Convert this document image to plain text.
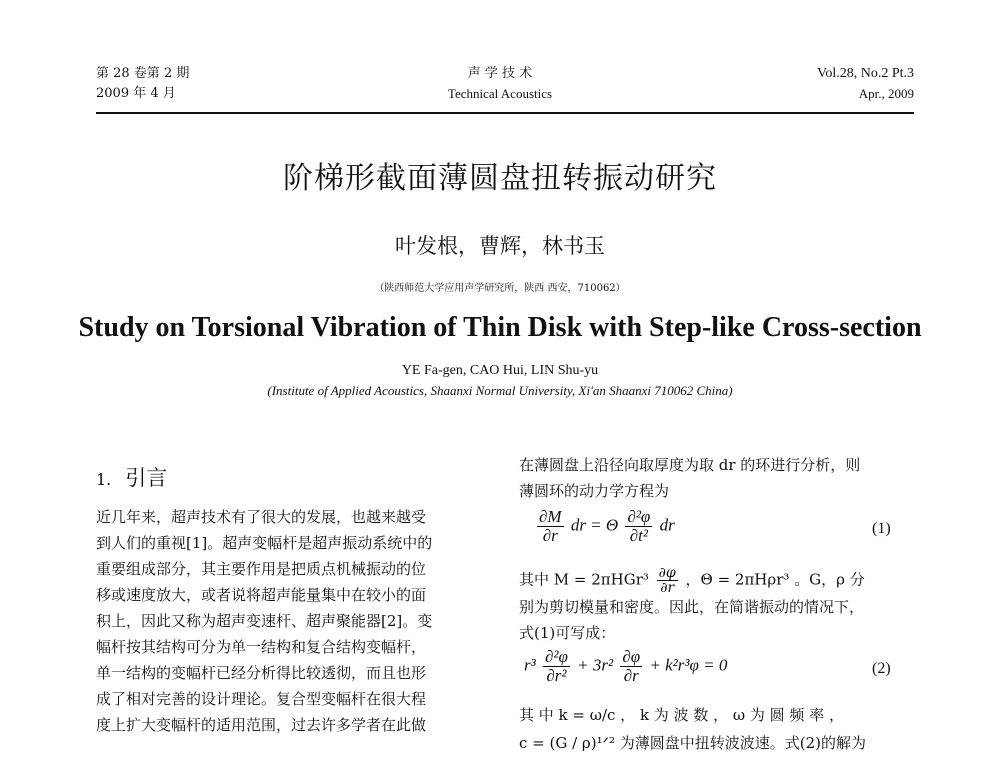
第 28 卷第 2 期
2009 年 4 月
声 学 技 术
Technical Acoustics
Vol.28, No.2 Pt.3
Apr., 2009
阶梯形截面薄圆盘扭转振动研究
叶发根，曹辉，林书玉
（陕西师范大学应用声学研究所，陕西 西安，710062）
Study on Torsional Vibration of Thin Disk with Step-like Cross-section
YE Fa-gen, CAO Hui, LIN Shu-yu
(Institute of Applied Acoustics, Shaanxi Normal University, Xi'an Shaanxi 710062 China)
1. 引言
近几年来，超声技术有了很大的发展，也越来越受
到人们的重视[1]。超声变幅杆是超声振动系统中的
重要组成部分，其主要作用是把质点机械振动的位
移或速度放大，或者说将超声能量集中在较小的面
积上，因此又称为超声变速杆、超声聚能器[2]。变
幅杆按其结构可分为单一结构和复合结构变幅杆，
单一结构的变幅杆已经分析得比较透彻，而且也形
成了相对完善的设计理论。复合型变幅杆在很大程
度上扩大变幅杆的适用范围，过去许多学者在此做
在薄圆盘上沿径向取厚度为取 dr 的环进行分析，则
薄圆环的动力学方程为
$\frac{\partial M}{\partial r}$ dr = Θ $\frac{\text{∂²φ}}{\text{∂t²}}$ dr	(1)
其中 $M = 2\pi HGr^3 \frac{\partial\varphi}{\partial r}$ ，Θ = 2πHρr³ 。G，ρ 分
别为剪切模量和密度。因此，在简谐振动的情况下，
式(1)可写成：
$r^3 \frac{\text{∂²φ}}{\text{∂r²}} + 3r^2 \frac{\partial\varphi}{\partial r} + k^2r^3\varphi = 0$	(2)
其 中 k = ω/c ， k 为 波 数 ， ω 为 圆 频 率 ，
c = (G / ρ)¹ᐟ² 为薄圆盘中扭转波波速。式(2)的解为
